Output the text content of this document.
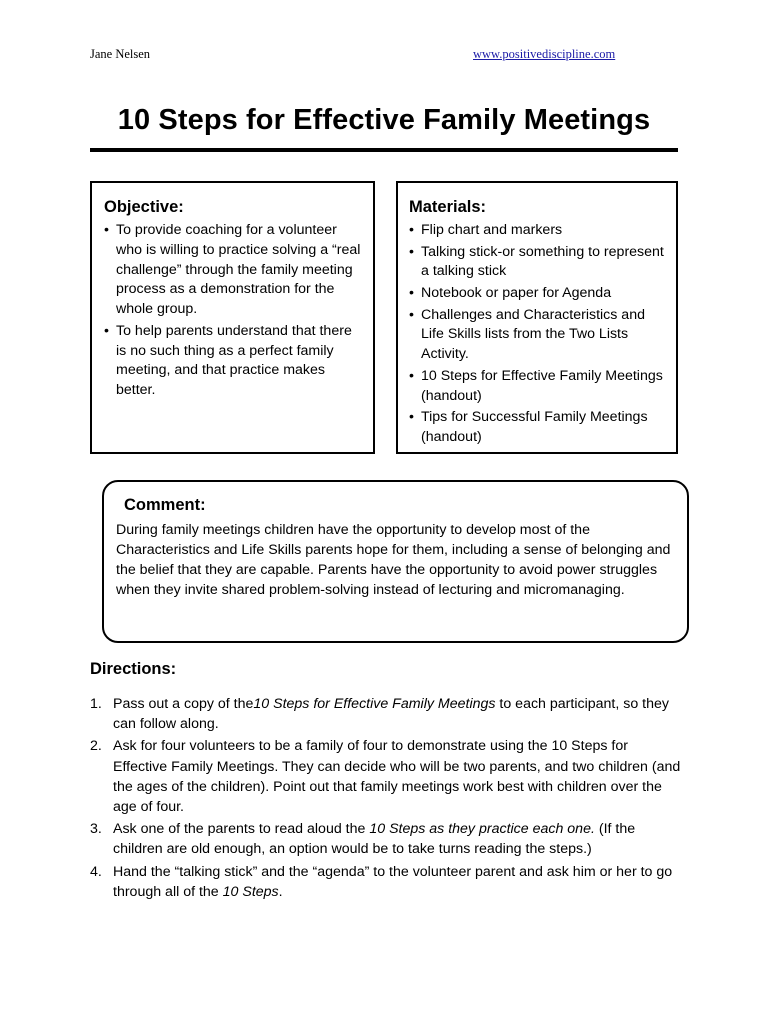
Jane Nelsen	www.positivediscipline.com
10 Steps for Effective Family Meetings
Objective:
• To provide coaching for a volunteer who is willing to practice solving a “real challenge” through the family meeting process as a demonstration for the whole group.
• To help parents understand that there is no such thing as a perfect family meeting, and that practice makes better.
Materials:
• Flip chart and markers
• Talking stick-or something to represent a talking stick
• Notebook or paper for Agenda
• Challenges and Characteristics and Life Skills lists from the Two Lists Activity.
• 10 Steps for Effective Family Meetings (handout)
• Tips for Successful Family Meetings (handout)
Comment:

During family meetings children have the opportunity to develop most of the Characteristics and Life Skills parents hope for them, including a sense of belonging and the belief that they are capable. Parents have the opportunity to avoid power struggles when they invite shared problem-solving instead of lecturing and micromanaging.

Directions:
1. Pass out a copy of the10 Steps for Effective Family Meetings to each participant, so they can follow along.
2. Ask for four volunteers to be a family of four to demonstrate using the 10 Steps for Effective Family Meetings. They can decide who will be two parents, and two children (and the ages of the children). Point out that family meetings work best with children over the age of four.
3. Ask one of the parents to read aloud the 10 Steps as they practice each one. (If the children are old enough, an option would be to take turns reading the steps.)
4. Hand the “talking stick” and the “agenda” to the volunteer parent and ask him or her to go through all of the 10 Steps.
